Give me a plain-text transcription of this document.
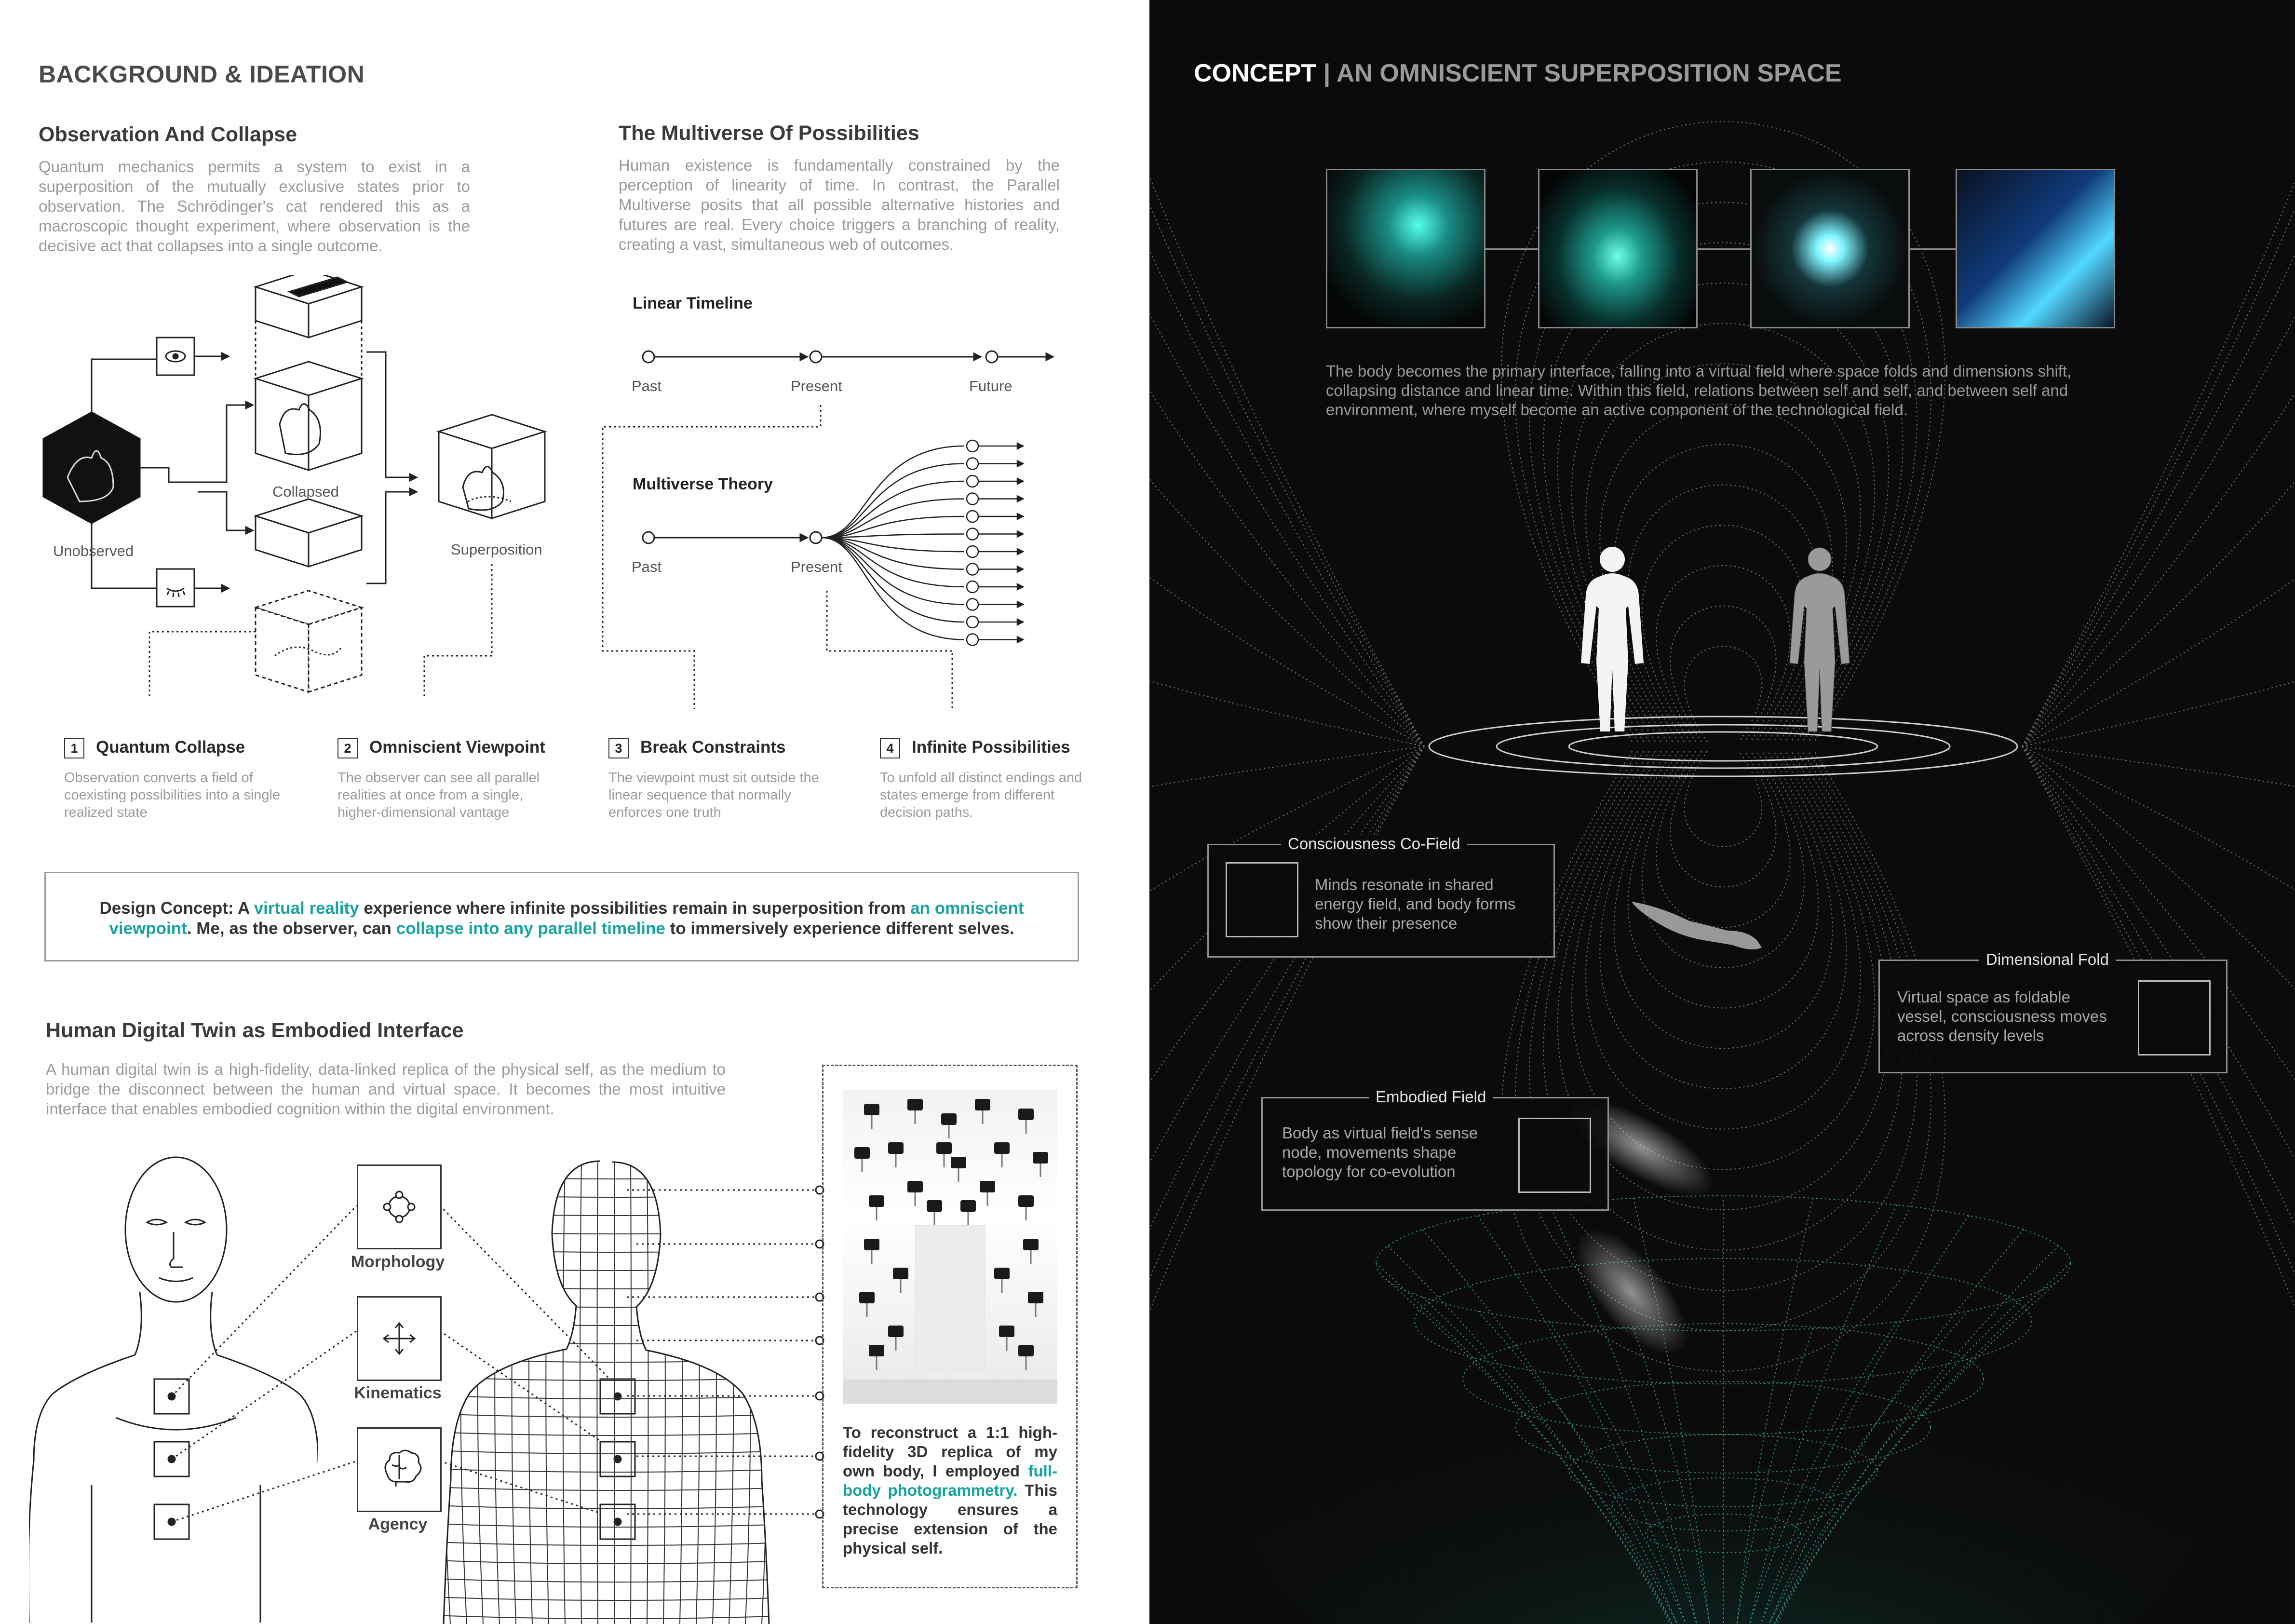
BACKGROUND & IDEATION
Observation And Collapse
Quantum mechanics permits a system to exist in a superposition of the mutually exclusive states prior to observation. The Schrödinger's cat rendered this as a macroscopic thought experiment, where observation is the decisive act that collapses into a single outcome.
Unobserved
Collapsed
Superposition
The Multiverse Of Possibilities
Human existence is fundamentally constrained by the perception of linearity of time. In contrast, the Parallel Multiverse posits that all possible alternative histories and futures are real. Every choice triggers a branching of reality, creating a vast, simultaneous web of outcomes.
Linear Timeline
Past	Present	Future
Multiverse Theory
Past	Present
1 Quantum Collapse
Observation converts a field of coexisting possibilities into a single realized state
2 Omniscient Viewpoint
The observer can see all parallel realities at once from a single, higher-dimensional vantage
3 Break Constraints
The viewpoint must sit outside the linear sequence that normally enforces one truth
4 Infinite Possibilities
To unfold all distinct endings and states emerge from different decision paths.
Design Concept: A virtual reality experience where infinite possibilities remain in superposition from an omniscient viewpoint. Me, as the observer, can collapse into any parallel timeline to immersively experience different selves.
Human Digital Twin as Embodied Interface
A human digital twin is a high-fidelity, data-linked replica of the physical self, as the medium to bridge the disconnect between the human and virtual space. It becomes the most intuitive interface that enables embodied cognition within the digital environment.
Morphology
Kinematics
Agency
To reconstruct a 1:1 high-fidelity 3D replica of my own body, I employed full-body photogrammetry. This technology ensures a precise extension of the physical self.
CONCEPT | AN OMNISCIENT SUPERPOSITION SPACE
The body becomes the primary interface, falling into a virtual field where space folds and dimensions shift, collapsing distance and linear time. Within this field, relations between self and self, and between self and environment, where myself become an active component of the technological field.
Consciousness Co-Field
Minds resonate in shared energy field, and body forms show their presence
Dimensional Fold
Virtual space as foldable vessel, consciousness moves across density levels
Embodied Field
Body as virtual field's sense node, movements shape topology for co-evolution
